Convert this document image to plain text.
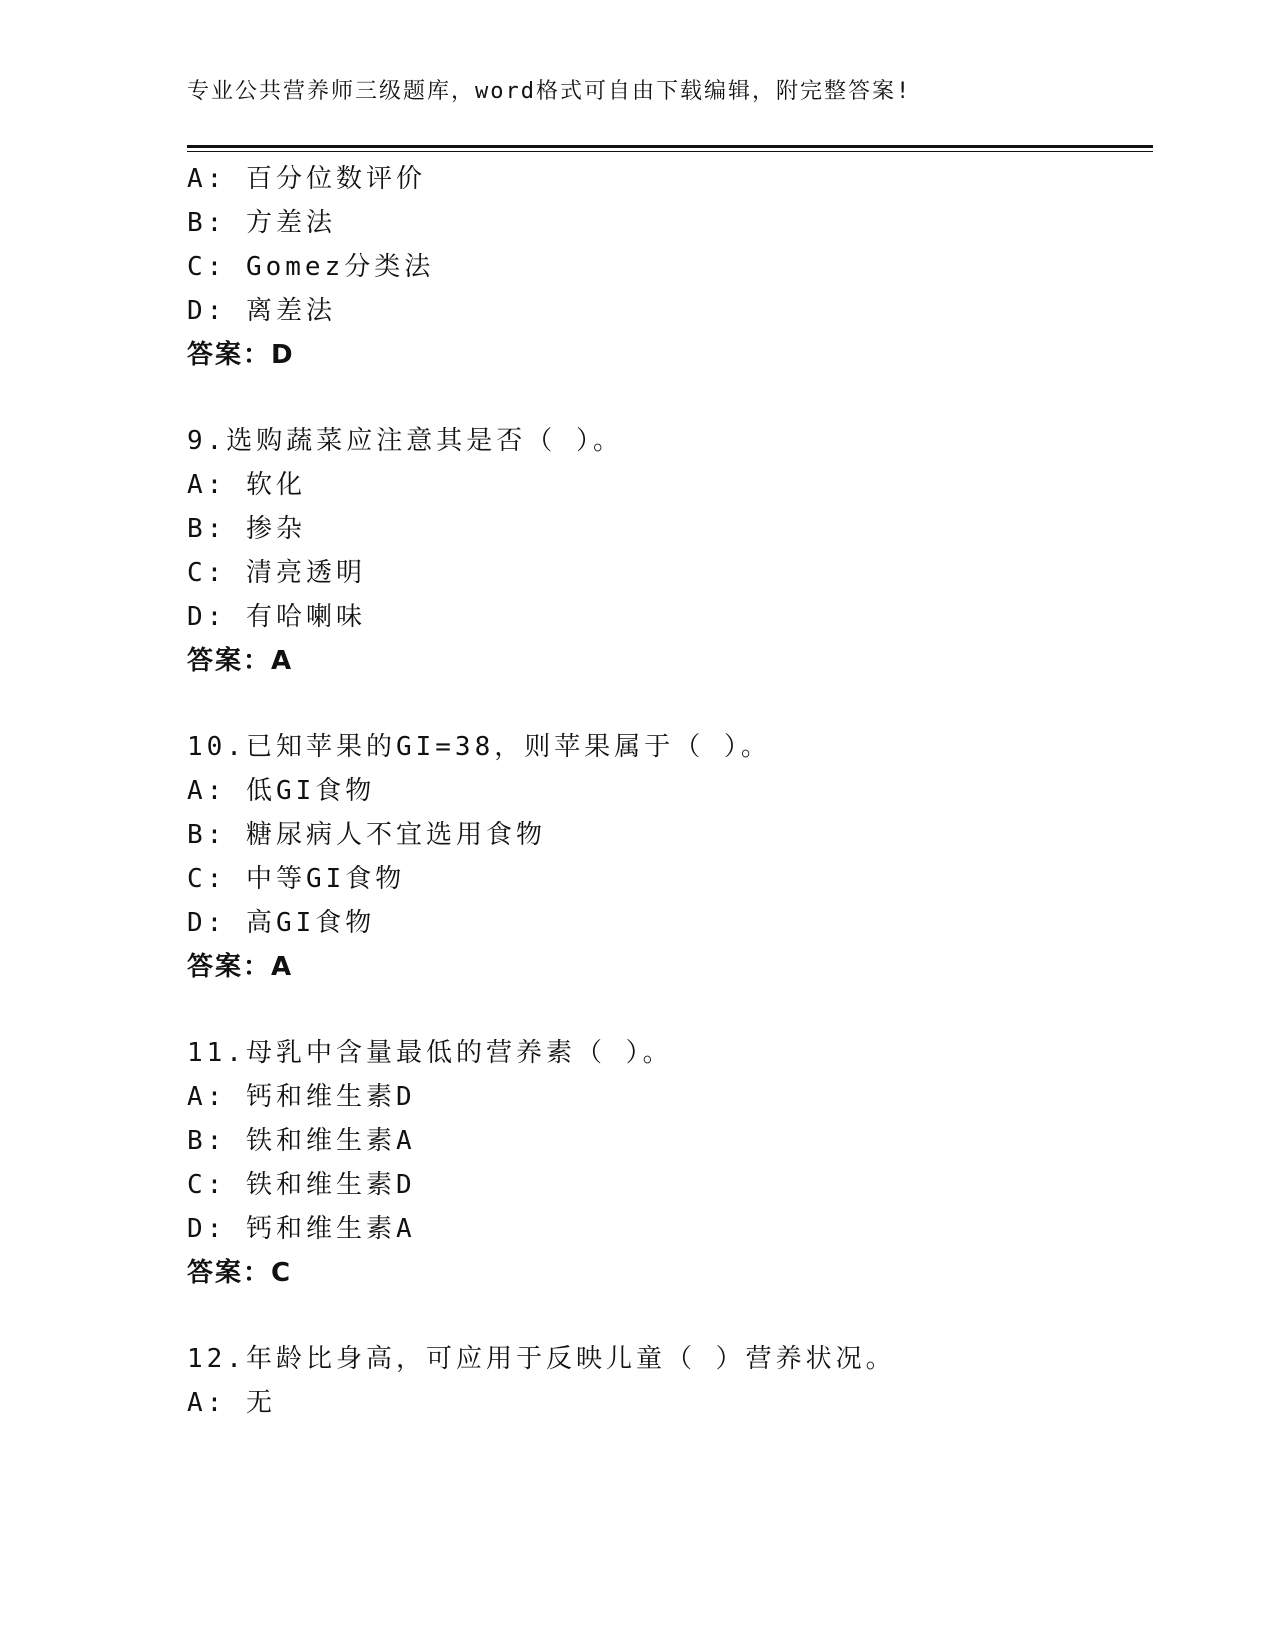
专业公共营养师三级题库，word格式可自由下载编辑，附完整答案!
A: 百分位数评价
B: 方差法
C: Gomez分类法
D: 离差法
答案：D
9.选购蔬菜应注意其是否（ ）。
A: 软化
B: 掺杂
C: 清亮透明
D: 有哈喇味
答案：A
10.已知苹果的GI=38，则苹果属于（ ）。
A: 低GI食物
B: 糖尿病人不宜选用食物
C: 中等GI食物
D: 高GI食物
答案：A
11.母乳中含量最低的营养素（ ）。
A: 钙和维生素D
B: 铁和维生素A
C: 铁和维生素D
D: 钙和维生素A
答案：C
12.年龄比身高，可应用于反映儿童（ ）营养状况。
A: 无
